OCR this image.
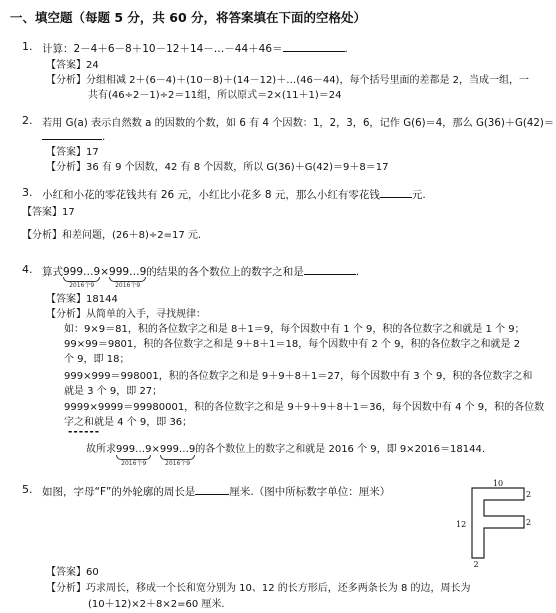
一、填空题（每题 5 分，共 60 分，将答案填在下面的空格处）
1. 计算：2－4＋6－8＋10－12＋14－…－44＋46＝	.
【答案】24
【分析】分组相减 2＋(6－4)＋(10－8)＋(14－12)＋…(46－44)，每个括号里面的差都是 2，当成一组，一
共有(46÷2－1)÷2＝11组，所以原式＝2×(11＋1)＝24
2. 若用 G(a) 表示自然数 a 的因数的个数，如 6 有 4 个因数：1，2，3，6，记作 G(6)＝4，那么 G(36)＋G(42)＝
.
【答案】17
【分析】36 有 9 个因数，42 有 8 个因数，所以 G(36)＋G(42)＝9＋8＝17
3. 小红和小花的零花钱共有 26 元，小红比小花多 8 元，那么小红有零花钱	元.
【答案】17
【分析】和差问题，(26＋8)÷2=17 元.
4. 算式999…9
2016个9
×999…9
2016个9
的结果的各个数位上的数字之和是	.
【答案】18144
【分析】从简单的入手，寻找规律：
如：9×9＝81，积的各位数字之和是 8＋1＝9，每个因数中有 1 个 9，积的各位数字之和就是 1 个 9；
99×99＝9801，积的各位数字之和是 9＋8＋1＝18，每个因数中有 2 个 9，积的各位数字之和就是 2
个 9，即 18；
999×999＝998001，积的各位数字之和是 9＋9＋8＋1＝27，每个因数中有 3 个 9，积的各位数字之和
就是 3 个 9，即 27；
9999×9999＝99980001，积的各位数字之和是 9＋9＋9＋8＋1＝36，每个因数中有 4 个 9，积的各位数
字之和就是 4 个 9，即 36；
------
故所求999…9
2016个9
×999…9
2016个9
的各个数位上的数字之和就是 2016 个 9，即 9×2016＝18144.
5. 如图，字母“F”的外轮廓的周长是	厘米.（图中所标数字单位：厘米）
10
2
2
12
2
【答案】60
【分析】巧求周长，移成一个长和宽分别为 10、12 的长方形后，还多两条长为 8 的边，周长为
(10＋12)×2＋8×2=60 厘米.
